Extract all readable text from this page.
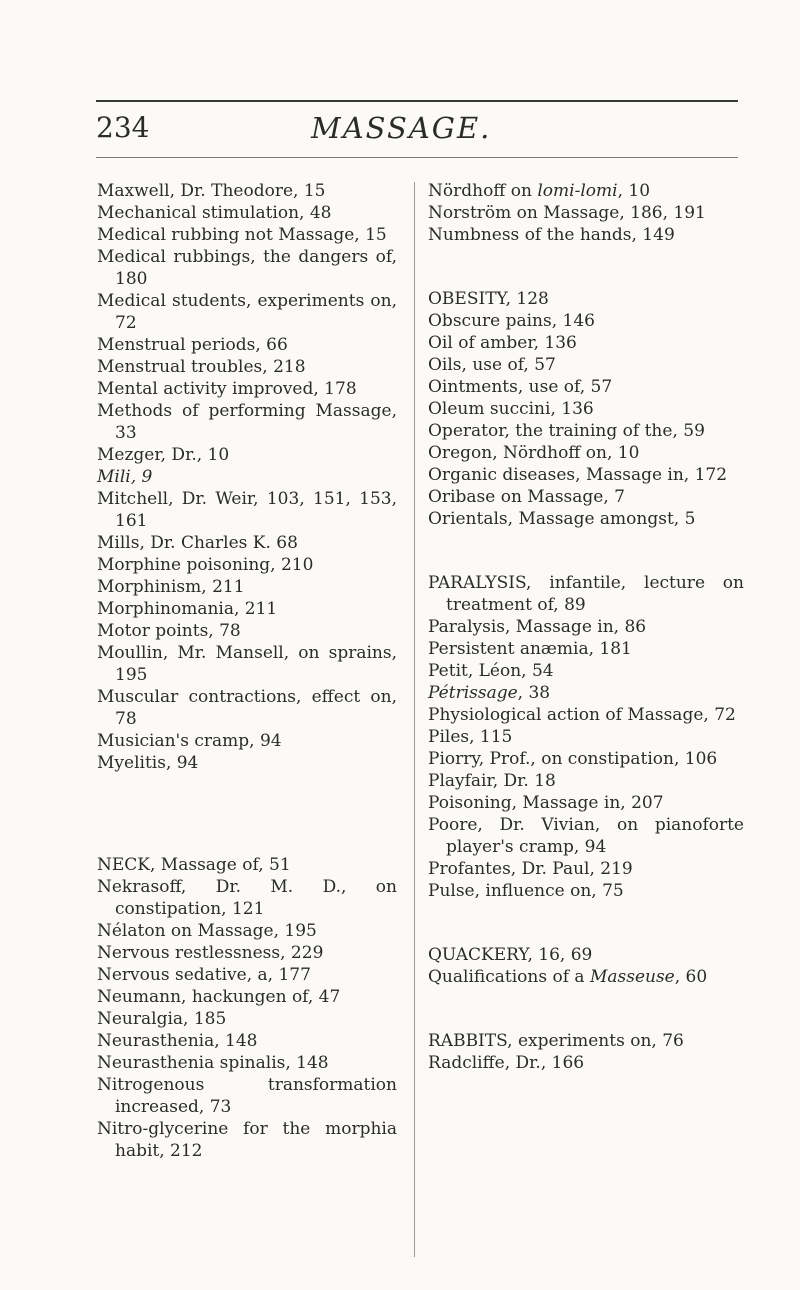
234	MASSAGE.
Maxwell, Dr. Theodore, 15
Mechanical stimulation, 48
Medical rubbing not Massage, 15
Medical rubbings, the dangers of, 180
Medical students, experiments on, 72
Menstrual periods, 66
Menstrual troubles, 218
Mental activity improved, 178
Methods of performing Massage, 33
Mezger, Dr., 10
Mili, 9
Mitchell, Dr. Weir, 103, 151, 153, 161
Mills, Dr. Charles K. 68
Morphine poisoning, 210
Morphinism, 211
Morphinomania, 211
Motor points, 78
Moullin, Mr. Mansell, on sprains, 195
Muscular contractions, effect on, 78
Musician's cramp, 94
Myelitis, 94
NECK, Massage of, 51
Nekrasoff, Dr. M. D., on constipation, 121
Nélaton on Massage, 195
Nervous restlessness, 229
Nervous sedative, a, 177
Neumann, hackungen of, 47
Neuralgia, 185
Neurasthenia, 148
Neurasthenia spinalis, 148
Nitrogenous transformation increased, 73
Nitro-glycerine for the morphia habit, 212
Nördhoff on lomi-lomi, 10
Norström on Massage, 186, 191
Numbness of the hands, 149
OBESITY, 128
Obscure pains, 146
Oil of amber, 136
Oils, use of, 57
Ointments, use of, 57
Oleum succini, 136
Operator, the training of the, 59
Oregon, Nördhoff on, 10
Organic diseases, Massage in, 172
Oribase on Massage, 7
Orientals, Massage amongst, 5
PARALYSIS, infantile, lecture on treatment of, 89
Paralysis, Massage in, 86
Persistent anæmia, 181
Petit, Léon, 54
Pétrissage, 38
Physiological action of Massage, 72
Piles, 115
Piorry, Prof., on constipation, 106
Playfair, Dr. 18
Poisoning, Massage in, 207
Poore, Dr. Vivian, on pianoforte player's cramp, 94
Profantes, Dr. Paul, 219
Pulse, influence on, 75
QUACKERY, 16, 69
Qualifications of a Masseuse, 60
RABBITS, experiments on, 76
Radcliffe, Dr., 166
